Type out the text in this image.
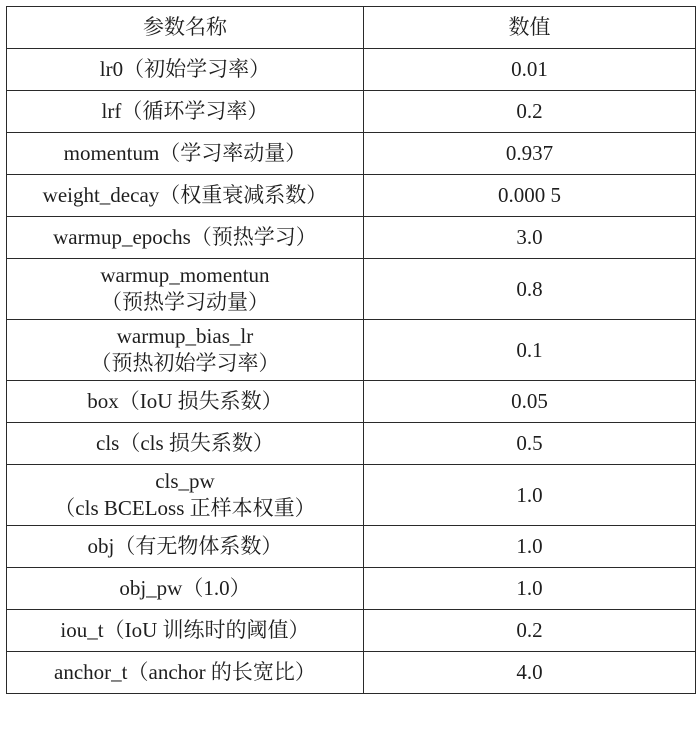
参数名称	数值

lr0（初始学习率）	0.01

lrf（循环学习率）	0.2

momentum（学习率动量）	0.937

weight_decay（权重衰减系数）	0.000 5

warmup_epochs（预热学习）	3.0

warmup_momentun
（预热学习动量）	0.8

warmup_bias_lr
（预热初始学习率）	0.1

box（IoU 损失系数）	0.05

cls（cls 损失系数）	0.5

cls_pw
（cls BCELoss 正样本权重）	1.0

obj（有无物体系数）	1.0

obj_pw（1.0）	1.0

iou_t（IoU 训练时的阈值）	0.2

anchor_t（anchor 的长宽比）	4.0
